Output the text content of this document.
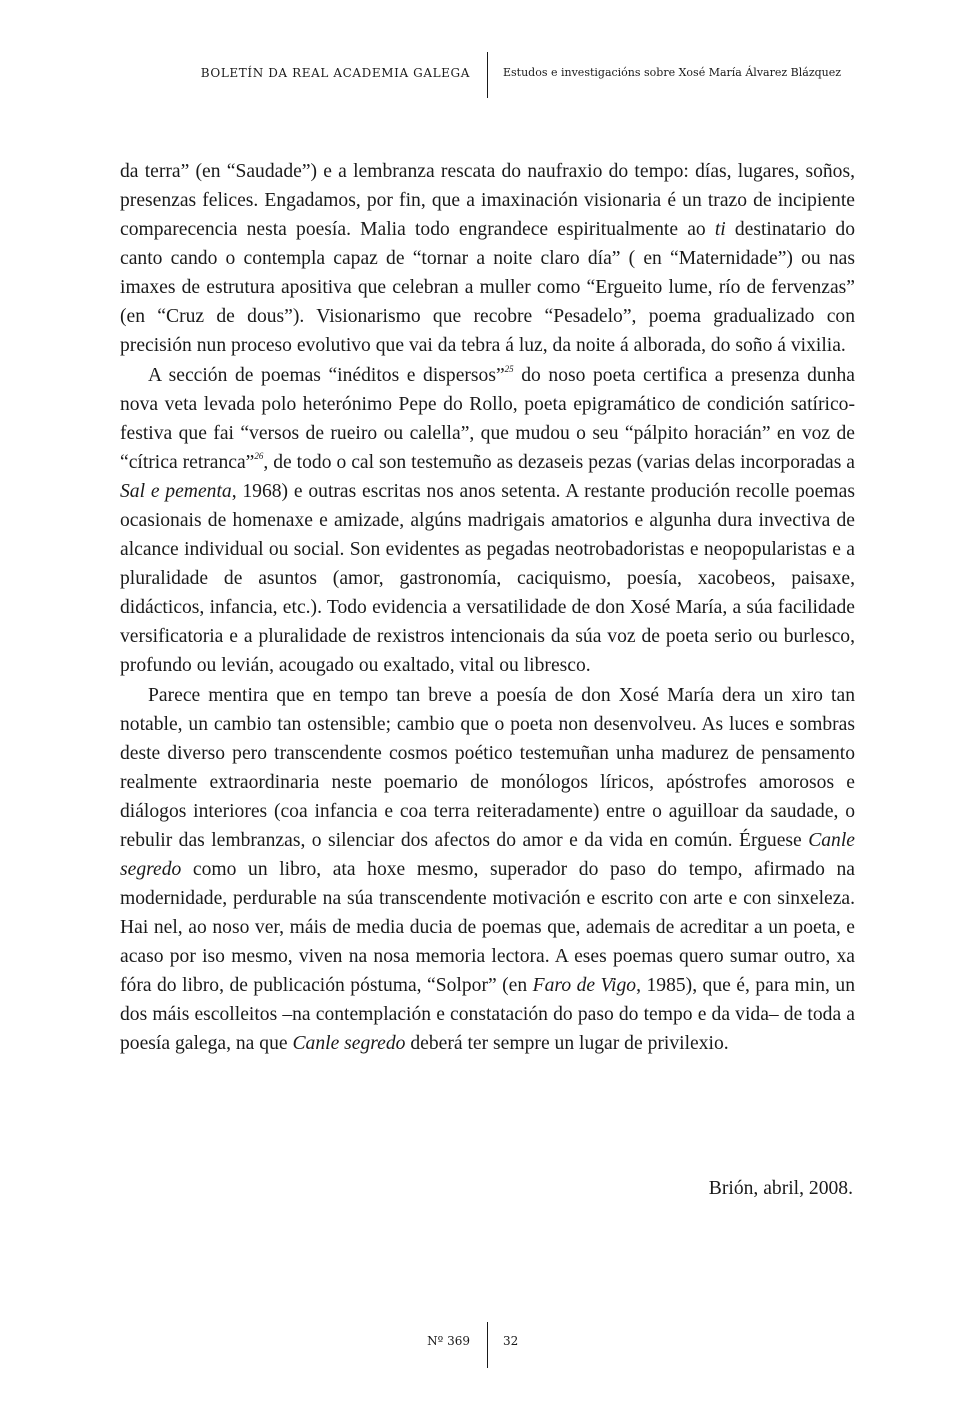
BOLETÍN DA REAL ACADEMIA GALEGA	Estudos e investigacións sobre Xosé María Álvarez Blázquez

da terra” (en “Saudade”) e a lembranza rescata do naufraxio do tempo: días, lugares, soños, presenzas felices. Engadamos, por fin, que a imaxinación visionaria é un trazo de incipiente comparecencia nesta poesía. Malia todo engrandece espiritualmente ao ti destinatario do canto cando o contempla capaz de “tornar a noite claro día” ( en “Maternidade”) ou nas imaxes de estrutura apositiva que celebran a muller como “Ergueito lume, río de fervenzas” (en “Cruz de dous”). Visionarismo que recobre “Pesadelo”, poema gradualizado con precisión nun proceso evolutivo que vai da tebra á luz, da noite á alborada, do soño á vixilia.

A sección de poemas “inéditos e dispersos”$^{25}$ do noso poeta certifica a presenza dunha nova veta levada polo heterónimo Pepe do Rollo, poeta epigramático de condición satírico-festiva que fai “versos de rueiro ou calella”, que mudou o seu “pálpito horacián” en voz de “cítrica retranca”$^{26}$, de todo o cal son testemuño as dezaseis pezas (varias delas incorporadas a Sal e pementa, 1968) e outras escritas nos anos setenta. A restante produción recolle poemas ocasionais de homenaxe e amizade, algúns madrigais amatorios e algunha dura invectiva de alcance individual ou social. Son evidentes as pegadas neotrobadoristas e neopopularistas e a pluralidade de asuntos (amor, gastronomía, caciquismo, poesía, xacobeos, paisaxe, didácticos, infancia, etc.). Todo evidencia a versatilidade de don Xosé María, a súa facilidade versificatoria e a pluralidade de rexistros intencionais da súa voz de poeta serio ou burlesco, profundo ou levián, acougado ou exaltado, vital ou libresco.

Parece mentira que en tempo tan breve a poesía de don Xosé María dera un xiro tan notable, un cambio tan ostensible; cambio que o poeta non desenvolveu. As luces e sombras deste diverso pero transcendente cosmos poético testemuñan unha madurez de pensamento realmente extraordinaria neste poemario de monólogos líricos, apóstrofes amorosos e diálogos interiores (coa infancia e coa terra reiteradamente) entre o aguilloar da saudade, o rebulir das lembranzas, o silenciar dos afectos do amor e da vida en común. Érguese Canle segredo como un libro, ata hoxe mesmo, superador do paso do tempo, afirmado na modernidade, perdurable na súa transcendente motivación e escrito con arte e con sinxeleza. Hai nel, ao noso ver, máis de media ducia de poemas que, ademais de acreditar a un poeta, e acaso por iso mesmo, viven na nosa memoria lectora. A eses poemas quero sumar outro, xa fóra do libro, de publicación póstuma, “Solpor” (en Faro de Vigo, 1985), que é, para min, un dos máis escolleitos –na contemplación e constatación do paso do tempo e da vida– de toda a poesía galega, na que Canle segredo deberá ter sempre un lugar de privilexio.

Brión, abril, 2008.
Nº 369	32
